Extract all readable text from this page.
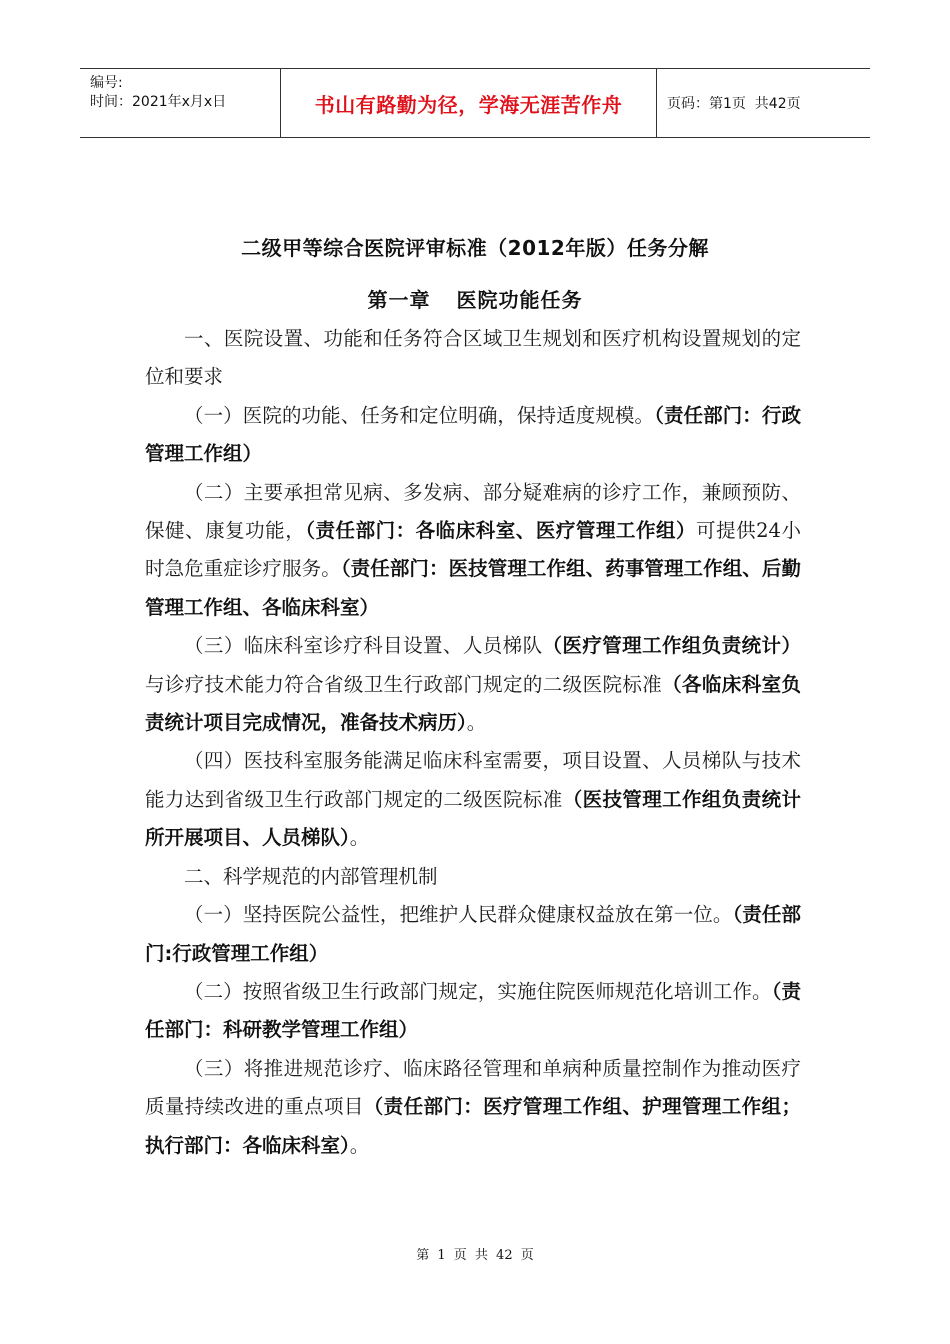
编号:
时间：2021年x月x日	书山有路勤为径，学海无涯苦作舟	页码：第1页  共42页
二级甲等综合医院评审标准（2012年版）任务分解
第一章 医院功能任务

一、医院设置、功能和任务符合区域卫生规划和医疗机构设置规划的定位和要求

（一）医院的功能、任务和定位明确，保持适度规模。（责任部门：行政管理工作组）

（二）主要承担常见病、多发病、部分疑难病的诊疗工作，兼顾预防、保健、康复功能，（责任部门：各临床科室、医疗管理工作组）可提供24小时急危重症诊疗服务。（责任部门：医技管理工作组、药事管理工作组、后勤管理工作组、各临床科室）

（三）临床科室诊疗科目设置、人员梯队（医疗管理工作组负责统计）与诊疗技术能力符合省级卫生行政部门规定的二级医院标准（各临床科室负责统计项目完成情况，准备技术病历）。

（四）医技科室服务能满足临床科室需要，项目设置、人员梯队与技术能力达到省级卫生行政部门规定的二级医院标准（医技管理工作组负责统计所开展项目、人员梯队）。

二、科学规范的内部管理机制

（一）坚持医院公益性，把维护人民群众健康权益放在第一位。（责任部门:行政管理工作组）

（二）按照省级卫生行政部门规定，实施住院医师规范化培训工作。（责任部门：科研教学管理工作组）

（三）将推进规范诊疗、临床路径管理和单病种质量控制作为推动医疗质量持续改进的重点项目（责任部门：医疗管理工作组、护理管理工作组；执行部门：各临床科室）。

第 1 页 共 42 页
